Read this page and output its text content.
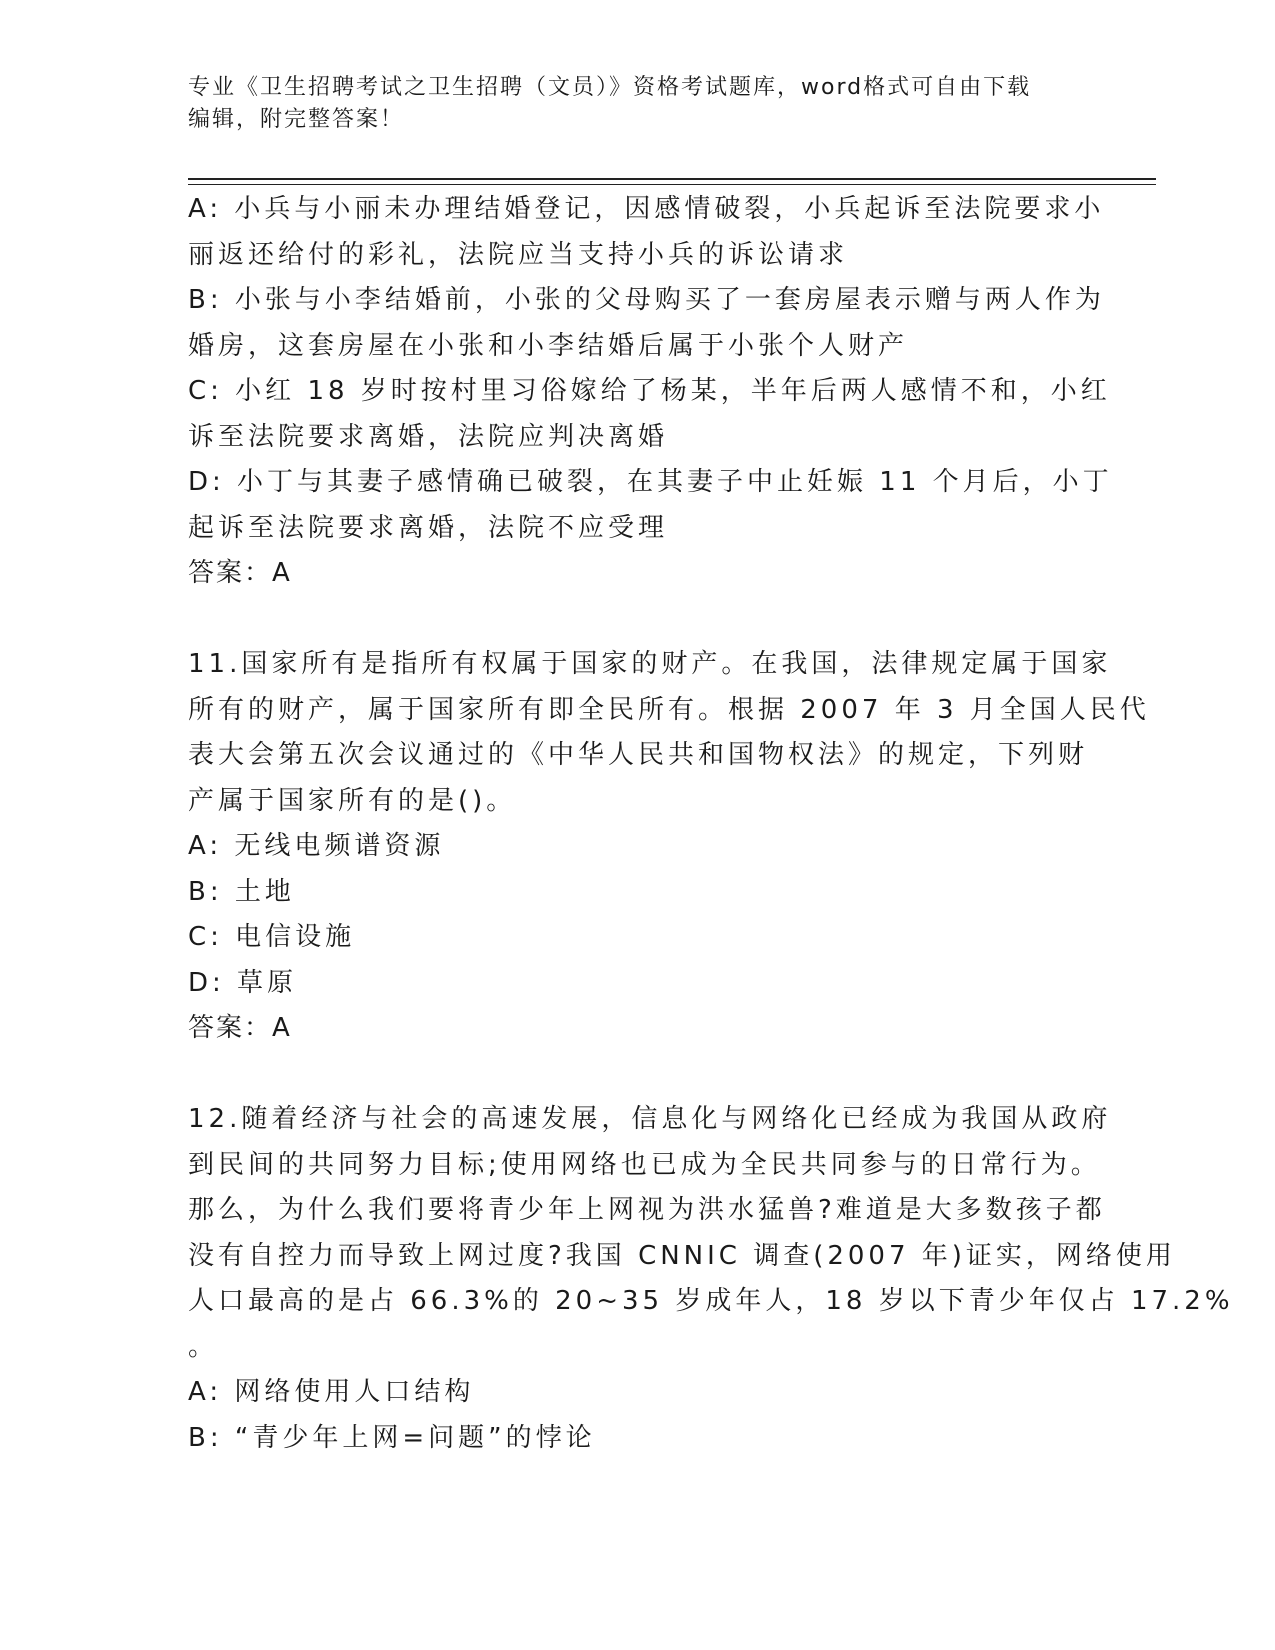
专业《卫生招聘考试之卫生招聘（文员）》资格考试题库，word格式可自由下载
编辑，附完整答案！
A: 小兵与小丽未办理结婚登记，因感情破裂，小兵起诉至法院要求小
丽返还给付的彩礼，法院应当支持小兵的诉讼请求
B: 小张与小李结婚前，小张的父母购买了一套房屋表示赠与两人作为
婚房，这套房屋在小张和小李结婚后属于小张个人财产
C: 小红 18 岁时按村里习俗嫁给了杨某，半年后两人感情不和，小红
诉至法院要求离婚，法院应判决离婚
D: 小丁与其妻子感情确已破裂，在其妻子中止妊娠 11 个月后，小丁
起诉至法院要求离婚，法院不应受理
答案：A
11.国家所有是指所有权属于国家的财产。在我国，法律规定属于国家
所有的财产，属于国家所有即全民所有。根据 2007 年 3 月全国人民代
表大会第五次会议通过的《中华人民共和国物权法》的规定，下列财
产属于国家所有的是()。
A: 无线电频谱资源
B: 土地
C: 电信设施
D: 草原
答案：A
12.随着经济与社会的高速发展，信息化与网络化已经成为我国从政府
到民间的共同努力目标;使用网络也已成为全民共同参与的日常行为。
那么，为什么我们要将青少年上网视为洪水猛兽?难道是大多数孩子都
没有自控力而导致上网过度?我国 CNNIC 调查(2007 年)证实，网络使用
人口最高的是占 66.3%的 20~35 岁成年人，18 岁以下青少年仅占 17.2%
。
A: 网络使用人口结构
B: “青少年上网=问题”的悖论
